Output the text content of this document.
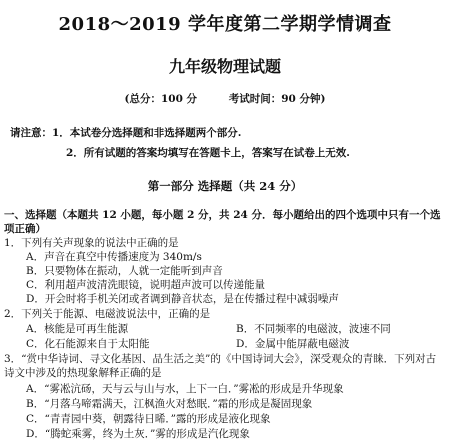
2018～2019 学年度第二学期学情调查
九年级物理试题
(总分：100 分	考试时间：90 分钟)
请注意：1．本试卷分选择题和非选择题两个部分.
2．所有试题的答案均填写在答题卡上，答案写在试卷上无效.
第一部分 选择题（共 24 分）
一、选择题（本题共 12 小题，每小题 2 分，共 24 分．每小题给出的四个选项中只有一个选项正确）
1．下列有关声现象的说法中正确的是
A．声音在真空中传播速度为 340m/s
B．只要物体在振动，人就一定能听到声音
C．利用超声波清洗眼镜，说明超声波可以传递能量
D．开会时将手机关闭或者调到静音状态，是在传播过程中减弱噪声
2．下列关于能源、电磁波说法中，正确的是
A．核能是可再生能源	B．不同频率的电磁波，波速不同
C．化石能源来自于太阳能	D．金属中能屏蔽电磁波
3．“赏中华诗词、寻文化基因、品生活之美”的《中国诗词大会》，深受观众的青睐．下列对古诗文中涉及的热现象解释正确的是
A．“雾凇沆砀，天与云与山与水，上下一白．”雾凇的形成是升华现象
B．“月落乌啼霜满天，江枫渔火对愁眠．”霜的形成是凝固现象
C．“青青园中葵，朝露待日晞．”露的形成是液化现象
D．“腾蛇乘雾，终为土灰．”雾的形成是汽化现象
